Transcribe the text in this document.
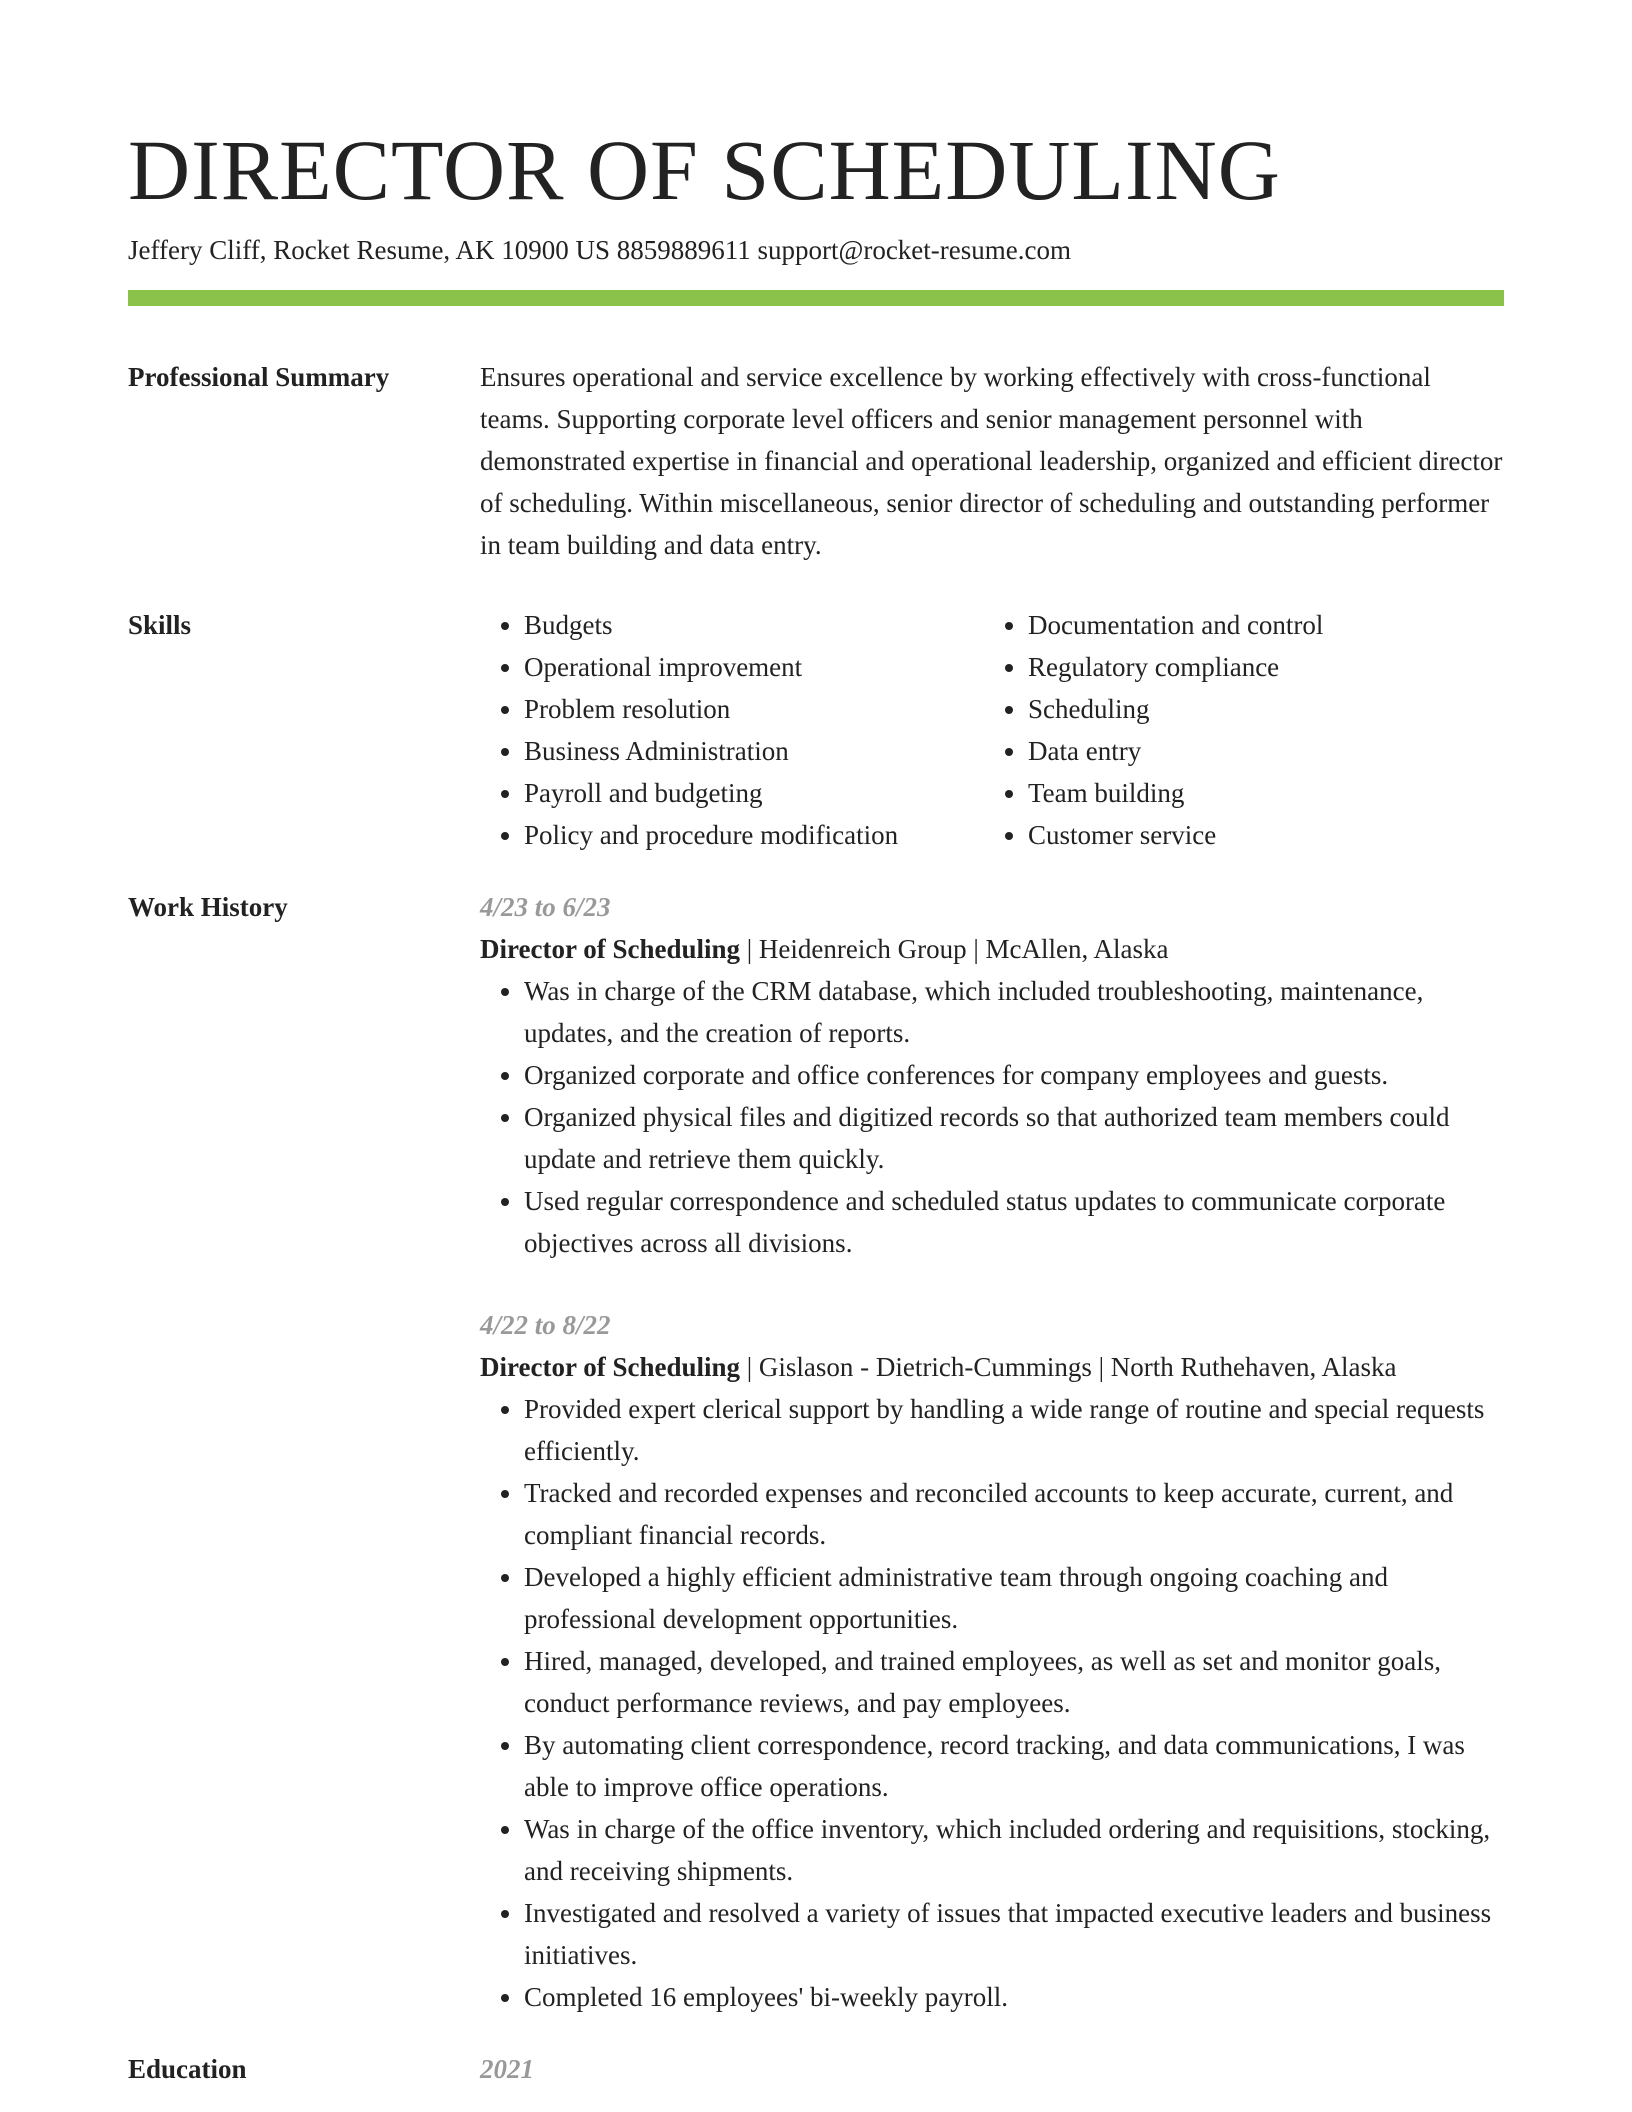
DIRECTOR OF SCHEDULING
Jeffery Cliff, Rocket Resume, AK 10900 US 8859889611 support@rocket-resume.com
Professional Summary	Ensures operational and service excellence by working effectively with cross-functional teams. Supporting corporate level officers and senior management personnel with demonstrated expertise in financial and operational leadership, organized and efficient director of scheduling. Within miscellaneous, senior director of scheduling and outstanding performer in team building and data entry.
Skills
•	Budgets
• Operational improvement
• Problem resolution
• Business Administration
• Payroll and budgeting
• Policy and procedure modification
• Documentation and control
• Regulatory compliance
• Scheduling
• Data entry
• Team building
• Customer service
Work History	4/23 to 6/23
Director of Scheduling | Heidenreich Group | McAllen, Alaska
• Was in charge of the CRM database, which included troubleshooting, maintenance, updates, and the creation of reports.
• Organized corporate and office conferences for company employees and guests.
• Organized physical files and digitized records so that authorized team members could update and retrieve them quickly.
• Used regular correspondence and scheduled status updates to communicate corporate objectives across all divisions.
4/22 to 8/22
Director of Scheduling | Gislason - Dietrich-Cummings | North Ruthehaven, Alaska
• Provided expert clerical support by handling a wide range of routine and special requests efficiently.
• Tracked and recorded expenses and reconciled accounts to keep accurate, current, and compliant financial records.
• Developed a highly efficient administrative team through ongoing coaching and professional development opportunities.
• Hired, managed, developed, and trained employees, as well as set and monitor goals, conduct performance reviews, and pay employees.
• By automating client correspondence, record tracking, and data communications, I was able to improve office operations.
• Was in charge of the office inventory, which included ordering and requisitions, stocking, and receiving shipments.
• Investigated and resolved a variety of issues that impacted executive leaders and business initiatives.
• Completed 16 employees' bi-weekly payroll.
Education	2021
